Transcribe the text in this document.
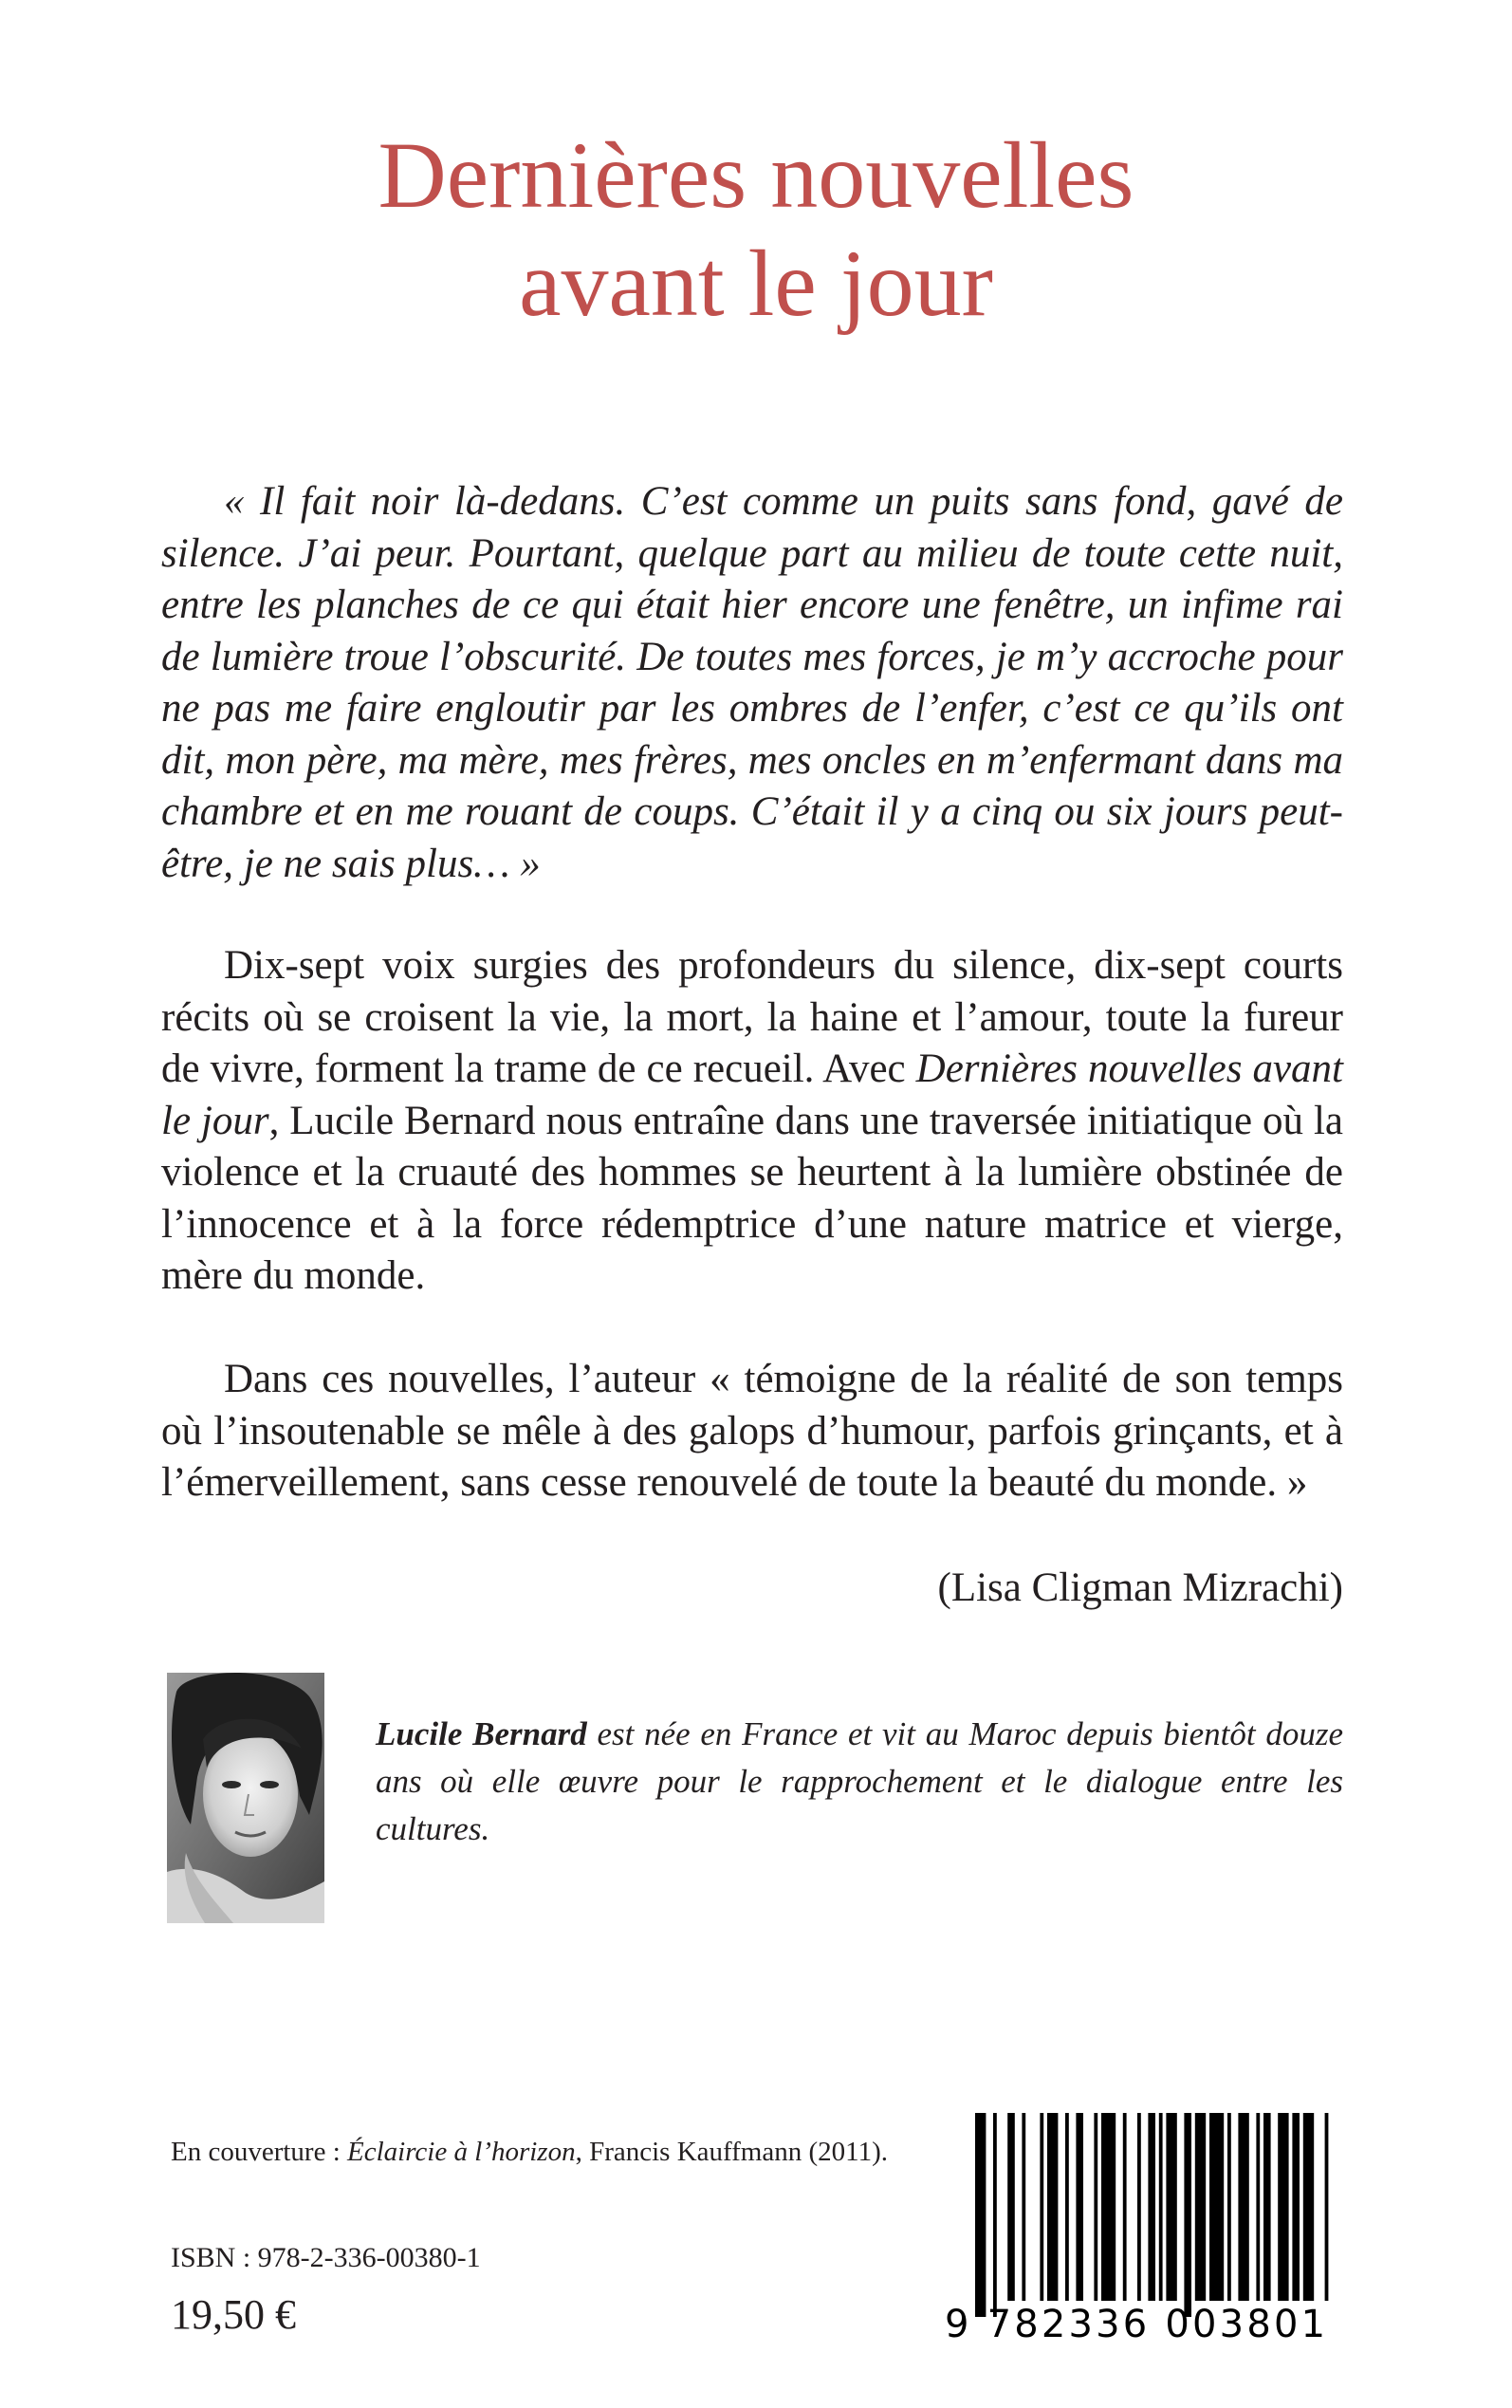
Dernières nouvelles
avant le jour
« Il fait noir là-dedans. C’est comme un puits sans fond, gavé de silence. J’ai peur. Pourtant, quelque part au milieu de toute cette nuit, entre les planches de ce qui était hier encore une fenêtre, un infime rai de lumière troue l’obscurité. De toutes mes forces, je m’y accroche pour ne pas me faire engloutir par les ombres de l’enfer, c’est ce qu’ils ont dit, mon père, ma mère, mes frères, mes oncles en m’enfermant dans ma chambre et en me rouant de coups. C’était il y a cinq ou six jours peut-être, je ne sais plus… »

Dix-sept voix surgies des profondeurs du silence, dix-sept courts récits où se croisent la vie, la mort, la haine et l’amour, toute la fureur de vivre, forment la trame de ce recueil. Avec Dernières nouvelles avant le jour, Lucile Bernard nous entraîne dans une traversée initiatique où la violence et la cruauté des hommes se heurtent à la lumière obstinée de l’innocence et à la force rédemptrice d’une nature matrice et vierge, mère du monde.

Dans ces nouvelles, l’auteur « témoigne de la réalité de son temps où l’insoutenable se mêle à des galops d’humour, parfois grinçants, et à l’émerveillement, sans cesse renouvelé de toute la beauté du monde. »

(Lisa Cligman Mizrachi)
Lucile Bernard est née en France et vit au Maroc depuis bientôt douze ans où elle œuvre pour le rapprochement et le dialogue entre les cultures.
En couverture : Éclaircie à l’horizon, Francis Kauffmann (2011).
ISBN : 978-2-336-00380-1
19,50 €	9 782336 003801
